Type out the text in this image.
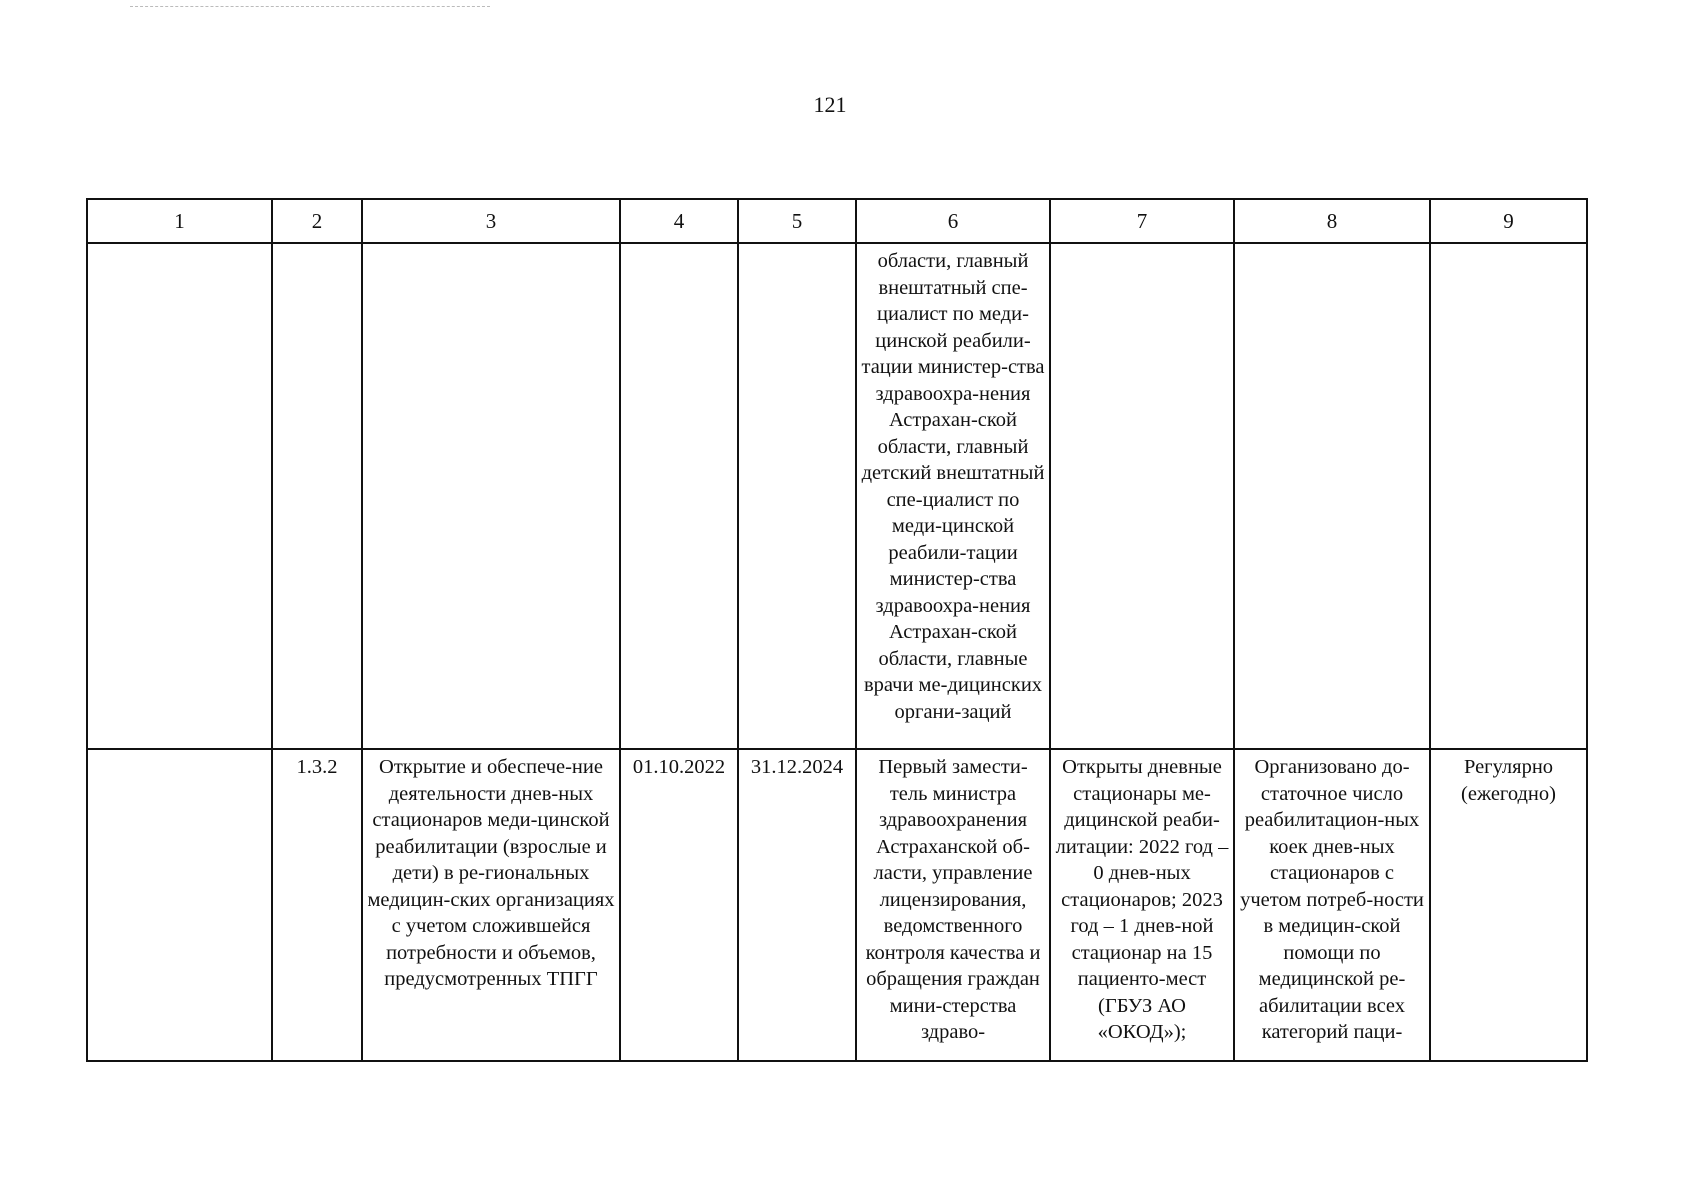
121
1	2	3	4	5	6	7	8	9
					области, главный внештатный спе-циалист по меди-цинской реабили-тации министер-ства здравоохра-нения Астрахан-ской области, главный детский внештатный спе-циалист по меди-цинской реабили-тации министер-ства здравоохра-нения Астрахан-ской области, главные врачи ме-дицинских органи-заций			
	1.3.2	Открытие и обеспече-ние деятельности днев-ных стационаров меди-цинской реабилитации (взрослые и дети) в ре-гиональных медицин-ских организациях с учетом сложившейся потребности и объемов, предусмотренных ТПГГ	01.10.2022	31.12.2024	Первый замести-тель министра здравоохранения Астраханской об-ласти, управление лицензирования, ведомственного контроля качества и обращения граждан мини-стерства здраво-	Открыты дневные стационары ме-дицинской реаби-литации: 2022 год – 0 днев-ных стационаров; 2023 год – 1 днев-ной стационар на 15 пациенто-мест (ГБУЗ АО «ОКОД»);	Организовано до-статочное число реабилитацион-ных коек днев-ных стационаров с учетом потреб-ности в медицин-ской помощи по медицинской ре-абилитации всех категорий паци-	Регулярно (ежегодно)
